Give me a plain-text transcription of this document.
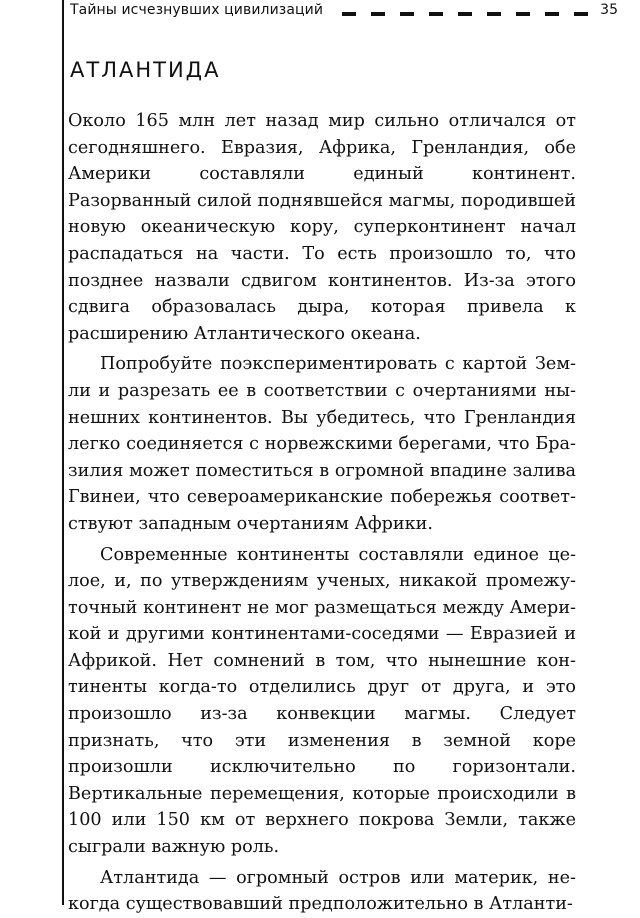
Тайны исчезнувших цивилизаций	35
АТЛАНТИДА

Около 165 млн лет назад мир сильно отличался от сегодняшнего. Евразия, Африка, Гренландия, обе Америки составляли единый континент. Разорванный силой поднявшейся магмы, породившей новую океаническую кору, суперконтинент начал распадаться на части. То есть произошло то, что позднее назвали сдвигом континентов. Из-за этого сдвига образовалась дыра, которая привела к расширению Атлантического океана.

Попробуйте поэкспериментировать с картой Земли и разрезать ее в соответствии с очертаниями нынешних континентов. Вы убедитесь, что Гренландия легко соединяется с норвежскими берегами, что Бразилия может поместиться в огромной впадине залива Гвинеи, что североамериканские побережья соответствуют западным очертаниям Африки.

Современные континенты составляли единое целое, и, по утверждениям ученых, никакой промежуточный континент не мог размещаться между Америкой и другими континентами-соседями — Евразией и Африкой. Нет сомнений в том, что нынешние континенты когда-то отделились друг от друга, и это произошло из-за конвекции магмы. Следует признать, что эти изменения в земной коре произошли исключительно по горизонтали. Вертикальные перемещения, которые происходили в 100 или 150 км от верхнего покрова Земли, также сыграли важную роль.

Атлантида — огромный остров или материк, некогда существовавший предположительно в Атланти-
